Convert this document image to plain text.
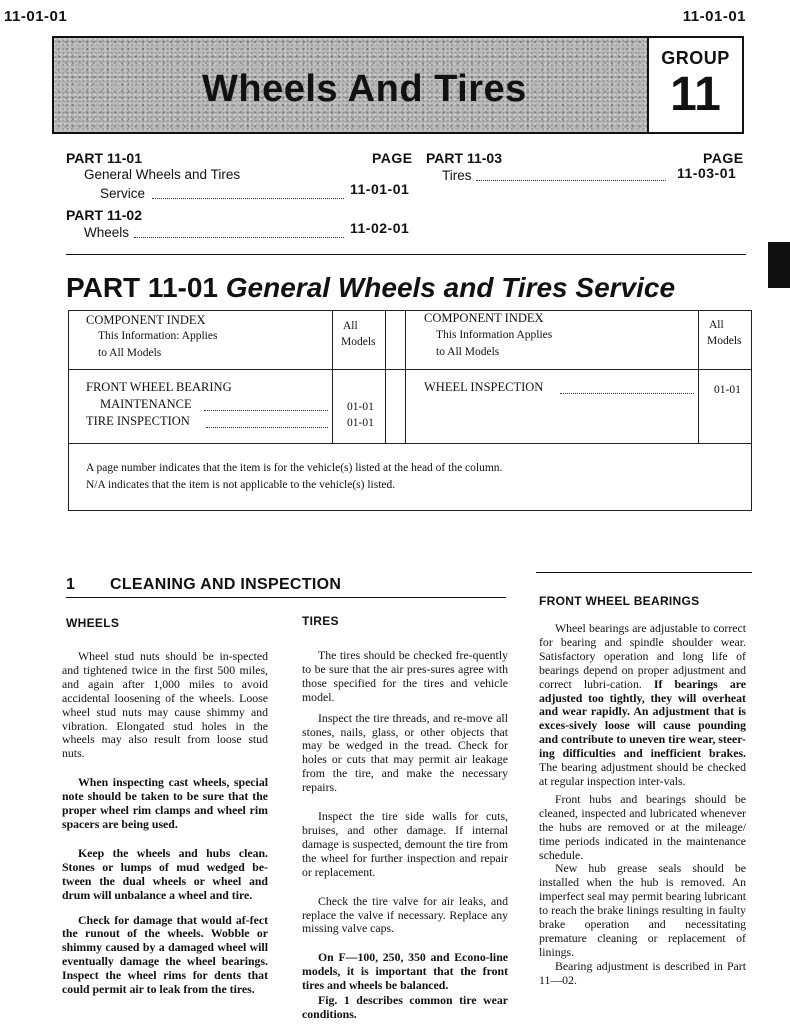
11-01-01	11-01-01
Wheels And Tires
GROUP
11
PART 11-01	PAGE
General Wheels and Tires
Service	11-01-01
PART 11-02
Wheels	11-02-01
PART 11-03	PAGE
Tires	11-03-01
PART 11-01 General Wheels and Tires Service
COMPONENT INDEX
This Information: Applies
to All Models
All
Models
FRONT WHEEL BEARING
MAINTENANCE	01-01
TIRE INSPECTION	01-01
COMPONENT INDEX
This Information Applies
to All Models
All
Models
WHEEL INSPECTION	01-01
A page number indicates that the item is for the vehicle(s) listed at the head of the column.
N/A indicates that the item is not applicable to the vehicle(s) listed.
1 CLEANING AND INSPECTION
WHEELS

Wheel stud nuts should be in-spected and tightened twice in the first 500 miles, and again after 1,000 miles to avoid accidental loosening of the wheels. Loose wheel stud nuts may cause shimmy and vibration. Elongated stud holes in the wheels may also result from loose stud nuts.

When inspecting cast wheels, special note should be taken to be sure that the proper wheel rim clamps and wheel rim spacers are being used.

Keep the wheels and hubs clean. Stones or lumps of mud wedged be-tween the dual wheels or wheel and drum will unbalance a wheel and tire.

Check for damage that would af-fect the runout of the wheels. Wobble or shimmy caused by a damaged wheel will eventually damage the wheel bearings. Inspect the wheel rims for dents that could permit air to leak from the tires.

TIRES

The tires should be checked fre-quently to be sure that the air pres-sures agree with those specified for the tires and vehicle model.

Inspect the tire threads, and re-move all stones, nails, glass, or other objects that may be wedged in the tread. Check for holes or cuts that may permit air leakage from the tire, and make the necessary repairs.

Inspect the tire side walls for cuts, bruises, and other damage. If internal damage is suspected, demount the tire from the wheel for further inspection and repair or replacement.

Check the tire valve for air leaks, and replace the valve if necessary. Replace any missing valve caps.

On F—100, 250, 350 and Econo-line models, it is important that the front tires and wheels be balanced.

Fig. 1 describes common tire wear conditions.

FRONT WHEEL BEARINGS

Wheel bearings are adjustable to correct for bearing and spindle shoulder wear. Satisfactory operation and long life of bearings depend on proper adjustment and correct lubri-cation. If bearings are adjusted too tightly, they will overheat and wear rapidly. An adjustment that is exces-sively loose will cause pounding and contribute to uneven tire wear, steer-ing difficulties and inefficient brakes. The bearing adjustment should be checked at regular inspection inter-vals.

Front hubs and bearings should be cleaned, inspected and lubricated whenever the hubs are removed or at the mileage/ time periods indicated in the maintenance schedule.

New hub grease seals should be installed when the hub is removed. An imperfect seal may permit bearing lubricant to reach the brake linings resulting in faulty brake operation and necessitating premature cleaning or replacement of linings.

Bearing adjustment is described in Part 11—02.
